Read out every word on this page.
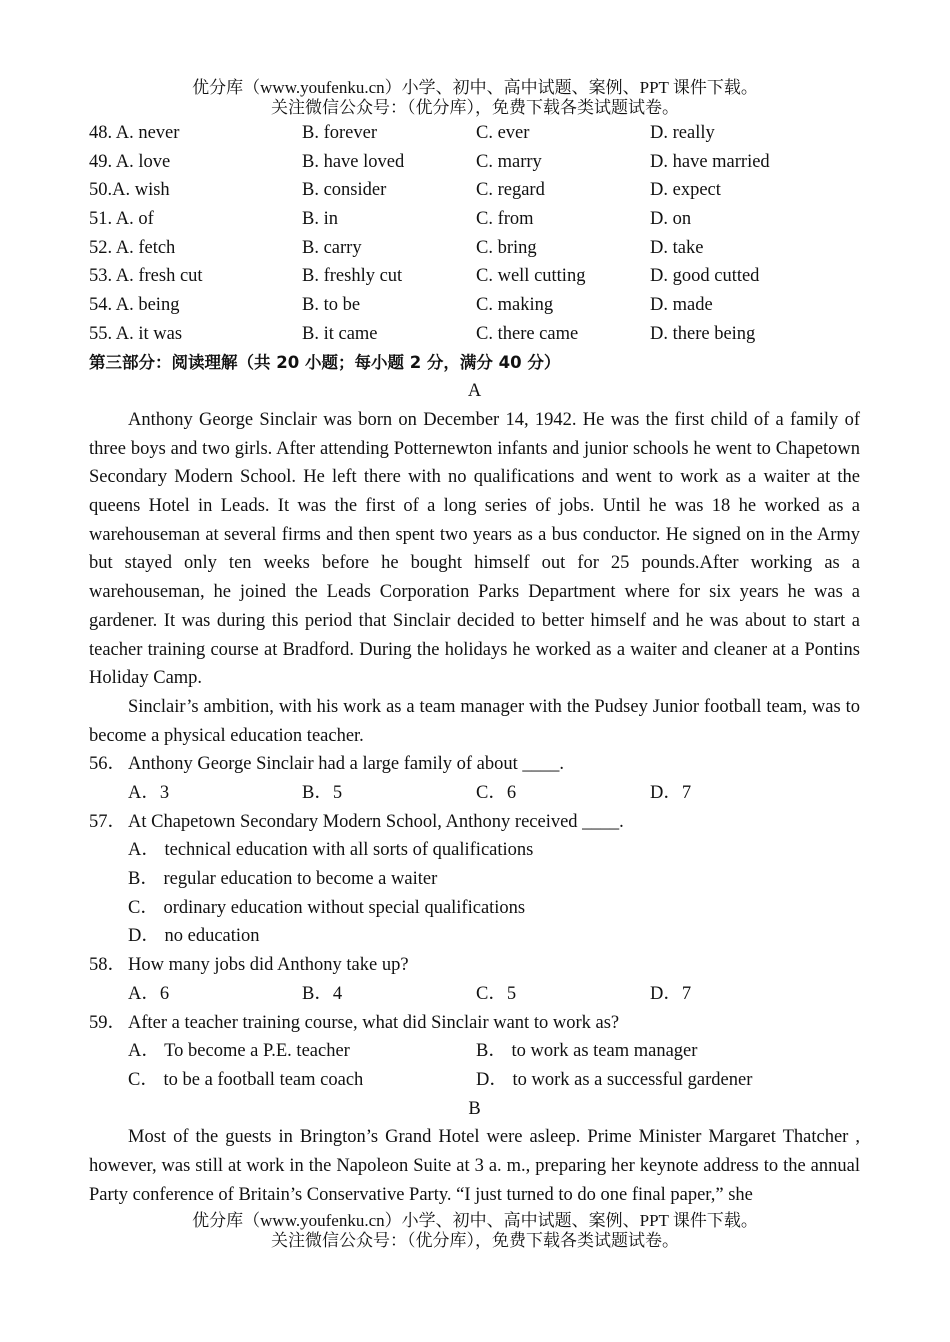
优分库（www.youfenku.cn）小学、初中、高中试题、案例、PPT 课件下载。
关注微信公众号：（优分库），免费下载各类试题试卷。
48. A. never	B. forever	C. ever	D. really
49. A. love	B. have loved	C. marry	D. have married
50.A. wish	B. consider	C. regard	D. expect
51. A. of	B. in	C. from	D. on
52. A. fetch	B. carry	C. bring	D. take
53. A. fresh cut	B. freshly cut	C. well cutting	D. good cutted
54. A. being	B. to be	C. making	D. made
55. A. it was	B. it came	C. there came	D. there being
第三部分：阅读理解（共 20 小题；每小题 2 分，满分 40 分）
A

Anthony George Sinclair was born on December 14, 1942. He was the first child of a family of three boys and two girls. After attending Potternewton infants and junior schools he went to Chapetown Secondary Modern School. He left there with no qualifications and went to work as a waiter at the queens Hotel in Leads. It was the first of a long series of jobs. Until he was 18 he worked as a warehouseman at several firms and then spent two years as a bus conductor. He signed on in the Army but stayed only ten weeks before he bought himself out for 25 pounds.After working as a warehouseman, he joined the Leads Corporation Parks Department where for six years he was a gardener. It was during this period that Sinclair decided to better himself and he was about to start a teacher training course at Bradford. During the holidays he worked as a waiter and cleaner at a Pontins Holiday Camp.

Sinclair’s ambition, with his work as a team manager with the Pudsey Junior football team, was to become a physical education teacher.

56． Anthony George Sinclair had a large family of about ____.
A．3	B．5	C．6	D．7
57． At Chapetown Secondary Modern School, Anthony received ____.
A． technical education with all sorts of qualifications
B． regular education to become a waiter
C． ordinary education without special qualifications
D． no education
58． How many jobs did Anthony take up?
A．6	B．4	C．5	D．7
59． After a teacher training course, what did Sinclair want to work as?
A． To become a P.E. teacher	B． to work as team manager
C． to be a football team coach	D． to work as a successful gardener
B

Most of the guests in Brington’s Grand Hotel were asleep. Prime Minister Margaret Thatcher , however, was still at work in the Napoleon Suite at 3 a. m., preparing her keynote address to the annual Party conference of Britain’s Conservative Party. “I just turned to do one final paper,” she

优分库（www.youfenku.cn）小学、初中、高中试题、案例、PPT 课件下载。
关注微信公众号：（优分库），免费下载各类试题试卷。
